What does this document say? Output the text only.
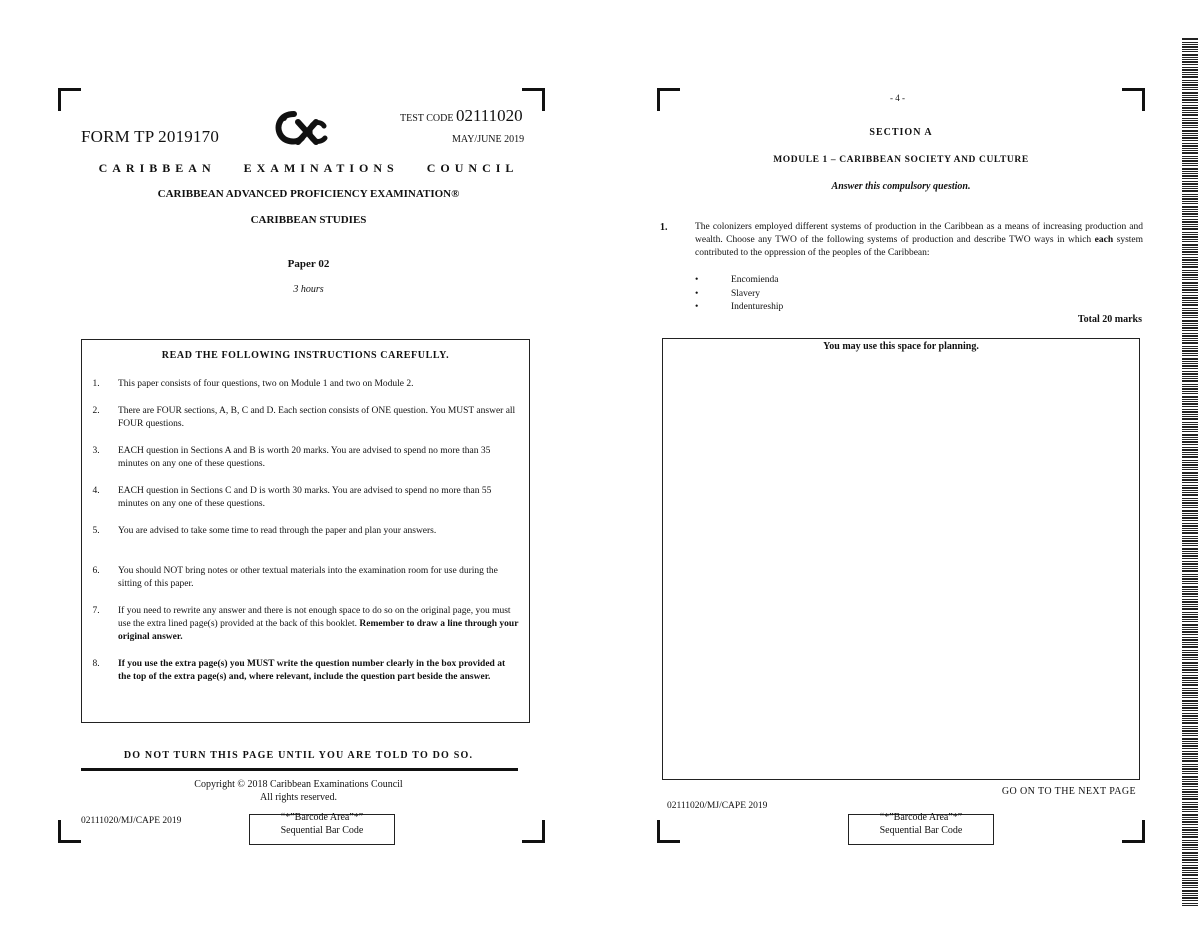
FORM TP 2019170
TEST CODE 02111020
MAY/JUNE 2019
CARIBBEAN EXAMINATIONS COUNCIL
CARIBBEAN ADVANCED PROFICIENCY EXAMINATION®
CARIBBEAN STUDIES
Paper 02
3 hours
READ THE FOLLOWING INSTRUCTIONS CAREFULLY.
1.	This paper consists of four questions, two on Module 1 and two on Module 2.
2.	There are FOUR sections, A, B, C and D. Each section consists of ONE question. You MUST answer all FOUR questions.
3.	EACH question in Sections A and B is worth 20 marks. You are advised to spend no more than 35 minutes on any one of these questions.
4.	EACH question in Sections C and D is worth 30 marks. You are advised to spend no more than 55 minutes on any one of these questions.
5.	You are advised to take some time to read through the paper and plan your answers.
6.	You should NOT bring notes or other textual materials into the examination room for use during the sitting of this paper.
7.	If you need to rewrite any answer and there is not enough space to do so on the original page, you must use the extra lined page(s) provided at the back of this booklet. Remember to draw a line through your original answer.
8.	If you use the extra page(s) you MUST write the question number clearly in the box provided at the top of the extra page(s) and, where relevant, include the question part beside the answer.
DO NOT TURN THIS PAGE UNTIL YOU ARE TOLD TO DO SO.
Copyright © 2018 Caribbean Examinations Council
All rights reserved.
02111020/MJ/CAPE 2019	“*”Barcode Area”*”
Sequential Bar Code
- 4 -
SECTION A
MODULE 1 – CARIBBEAN SOCIETY AND CULTURE
Answer this compulsory question.
1.	The colonizers employed different systems of production in the Caribbean as a means of increasing production and wealth. Choose any TWO of the following systems of production and describe TWO ways in which each system contributed to the oppression of the peoples of the Caribbean:
•	Encomienda
•	Slavery
•	Indentureship
Total 20 marks
You may use this space for planning.
GO ON TO THE NEXT PAGE
02111020/MJ/CAPE 2019
“*”Barcode Area”*”
Sequential Bar Code
